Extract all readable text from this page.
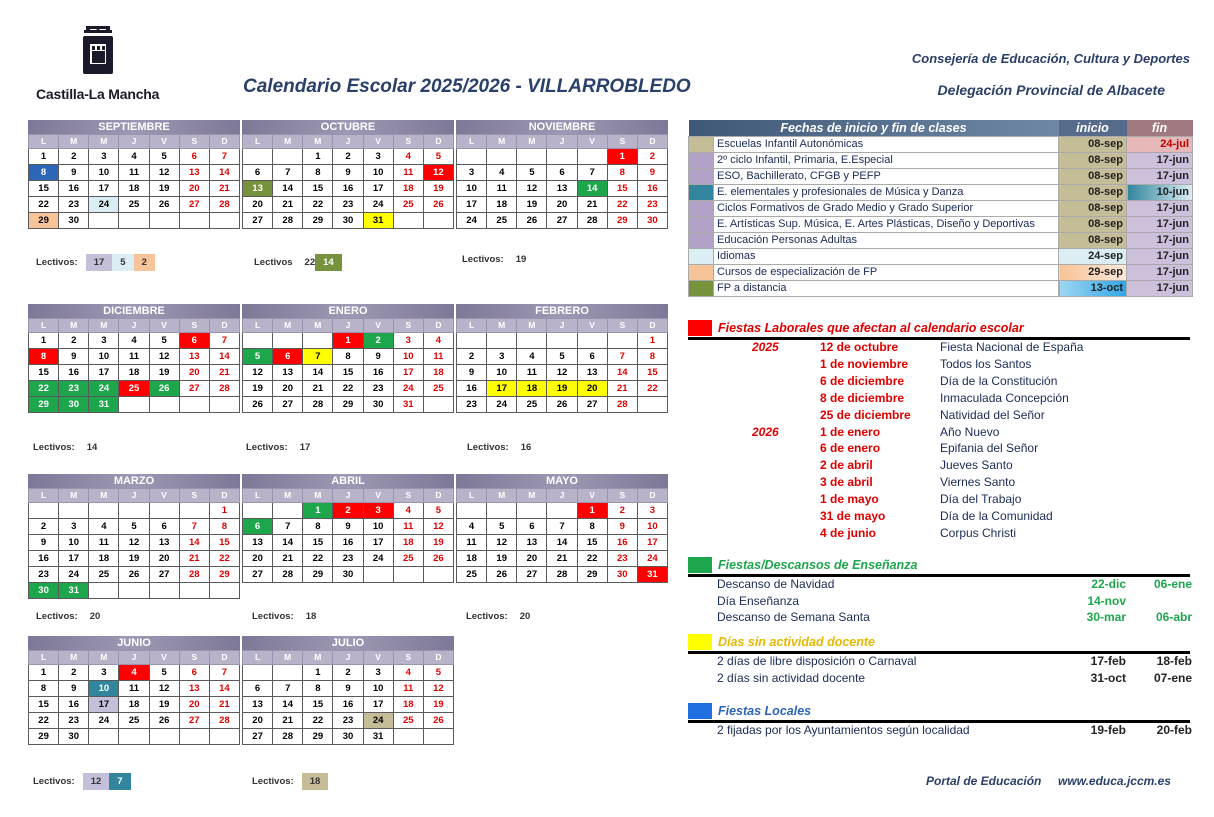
Castilla-La Mancha	Calendario Escolar 2025/2026 - VILLARROBLEDO
Consejería de Educación, Cultura y Deportes
Delegación Provincial de Albacete
SEPTIEMBRE
L	M	M	J	V	S	D
1	2	3	4	5	6	7
8	9	10	11	12	13	14
15	16	17	18	19	20	21
22	23	24	25	26	27	28
29	30					
OCTUBRE
L	M	M	J	V	S	D
		1	2	3	4	5
6	7	8	9	10	11	12
13	14	15	16	17	18	19
20	21	22	23	24	25	26
27	28	29	30	31		
NOVIEMBRE
L	M	M	J	V	S	D
					1	2
3	4	5	6	7	8	9
10	11	12	13	14	15	16
17	18	19	20	21	22	23
24	25	26	27	28	29	30
DICIEMBRE
L	M	M	J	V	S	D
1	2	3	4	5	6	7
8	9	10	11	12	13	14
15	16	17	18	19	20	21
22	23	24	25	26	27	28
29	30	31				
ENERO
L	M	M	J	V	S	D
			1	2	3	4
5	6	7	8	9	10	11
12	13	14	15	16	17	18
19	20	21	22	23	24	25
26	27	28	29	30	31	
FEBRERO
L	M	M	J	V	S	D
						1
2	3	4	5	6	7	8
9	10	11	12	13	14	15
16	17	18	19	20	21	22
23	24	25	26	27	28	
MARZO
L	M	M	J	V	S	D
						1
2	3	4	5	6	7	8
9	10	11	12	13	14	15
16	17	18	19	20	21	22
23	24	25	26	27	28	29
30	31					
ABRIL
L	M	M	J	V	S	D
		1	2	3	4	5
6	7	8	9	10	11	12
13	14	15	16	17	18	19
20	21	22	23	24	25	26
27	28	29	30			
MAYO
L	M	M	J	V	S	D
				1	2	3
4	5	6	7	8	9	10
11	12	13	14	15	16	17
18	19	20	21	22	23	24
25	26	27	28	29	30	31
JUNIO
L	M	M	J	V	S	D
1	2	3	4	5	6	7
8	9	10	11	12	13	14
15	16	17	18	19	20	21
22	23	24	25	26	27	28
29	30					
JULIO
L	M	M	J	V	S	D
		1	2	3	4	5
6	7	8	9	10	11	12
13	14	15	16	17	18	19
20	21	22	23	24	25	26
27	28	29	30	31		
Fechas de inicio y fin de clases		inicio	fin
	Escuelas Infantil Autonómicas	08-sep	24-jul
	2º ciclo Infantil, Primaria, E.Especial	08-sep	17-jun
	ESO, Bachillerato, CFGB y PEFP	08-sep	17-jun
	E. elementales y profesionales de Música y Danza	08-sep	10-jun
	Ciclos Formativos de Grado Medio y Grado Superior	08-sep	17-jun
	E. Artísticas Sup. Música, E. Artes Plásticas, Diseño y Deportivas	08-sep	17-jun
	Educación Personas Adultas	08-sep	17-jun
	Idiomas	24-sep	17-jun
	Cursos de especialización de FP	29-sep	17-jun
	FP a distancia	13-oct	17-jun
Fiestas Laborales que afectan al calendario escolar
2025	12 de octubre	Fiesta Nacional de España
1 de noviembre	Todos los Santos
6 de diciembre	Día de la Constitución
8 de diciembre	Inmaculada Concepción
25 de diciembre Natividad del Señor
2026	1 de enero	Año Nuevo
6 de enero	Epifania del Señor
2 de abril	Jueves Santo
3 de abril	Viernes Santo
1 de mayo	Día del Trabajo
31 de mayo	Día de la Comunidad
4 de junio	Corpus Christi
Fiestas/Descansos de Enseñanza
Descanso de Navidad	22-dic	06-ene
Día Enseñanza	14-nov
Descanso de Semana Santa	30-mar	06-abr
Días sin actividad docente
2 días de libre disposición o Carnaval	17-feb	18-feb
2 días sin actividad docente	31-oct	07-ene
Fiestas Locales
2 fijadas por los Ayuntamientos según localidad	19-feb	20-feb
Portal de Educación www.educa.jccm.es
Lectivos:	17	5	2	Lectivos 22 14	Lectivos: 19
Lectivos: 14	Lectivos: 17	Lectivos: 16
Lectivos: 20	Lectivos: 18	Lectivos: 20
Lectivos:	12	7	Lectivos:	18
